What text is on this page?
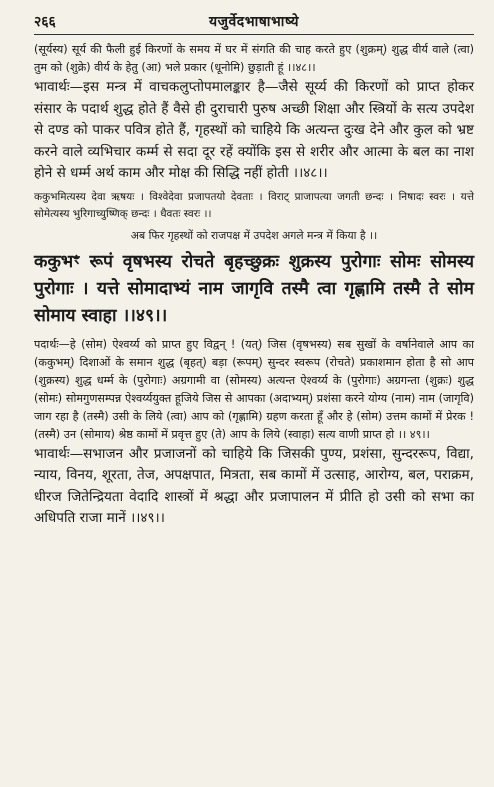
२६६	यजुर्वेदभाषाभाष्ये

(सूर्यस्य) सूर्य की फैली हुई किरणों के समय में घर में संगति की चाह करते हुए (शुक्रम्) शुद्ध वीर्य वाले (त्वा) तुम को (शुक्रे) वीर्य के हेतु (आ) भले प्रकार (धूनोमि) छुड़ाती हूं ।।४८।।

भावार्थः—इस मन्त्र में वाचकलुप्तोपमालङ्कार है—जैसे सूर्य्य की किरणों को प्राप्त होकर संसार के पदार्थ शुद्ध होते हैं वैसे ही दुराचारी पुरुष अच्छी शिक्षा और स्त्रियों के सत्य उपदेश से दण्ड को पाकर पवित्र होते हैं, गृहस्थों को चाहिये कि अत्यन्त दुःख देने और कुल को भ्रष्ट करने वाले व्यभिचार कर्म्म से सदा दूर रहें क्योंकि इस से शरीर और आत्मा के बल का नाश होने से धर्म्म अर्थ काम और मोक्ष की सिद्धि नहीं होती ।।४८।।

ककुभमित्यस्य देवा ऋषयः । विश्वेदेवा प्रजापतयो देवताः । विराट् प्राजापत्या जगती छन्दः । निषादः स्वरः । यत्ते सोमेत्यस्य भुरिगाच्युष्णिक् छन्दः । धैवतः स्वरः ।।

अब फिर गृहस्थों को राजपक्ष में उपदेश अगले मन्त्र में किया है ।।

ककुभꣳ रूपं वृषभस्य रोचते बृहच्छुक्रः शुक्रस्य पुरोगाः सोमः सोमस्य पुरोगाः । यत्ते सोमादाभ्यं नाम जागृवि तस्मै त्वा गृह्णामि तस्मै ते सोम सोमाय स्वाहा ।।४९।।

पदार्थः—हे (सोम) ऐश्वर्य्य को प्राप्त हुए विद्वन् ! (यत्) जिस (वृषभस्य) सब सुखों के वर्षानेवाले आप का (ककुभम्) दिशाओं के समान शुद्ध (बृहत्) बड़ा (रूपम्) सुन्दर स्वरूप (रोचते) प्रकाशमान होता है सो आप (शुक्रस्य) शुद्ध धर्म्म के (पुरोगाः) अग्रगामी वा (सोमस्य) अत्यन्त ऐश्वर्य्य के (पुरोगाः) अग्रगन्ता (शुक्रः) शुद्ध (सोमः) सोमगुणसम्पन्न ऐश्वर्य्ययुक्त हूजिये जिस से आपका (अदाभ्यम्) प्रशंसा करने योग्य (नाम) नाम (जागृवि) जाग रहा है (तस्मै) उसी के लिये (त्वा) आप को (गृह्णामि) ग्रहण करता हूँ और हे (सोम) उत्तम कामों में प्रेरक ! (तस्मै) उन (सोमाय) श्रेष्ठ कामों में प्रवृत्त हुए (ते) आप के लिये (स्वाहा) सत्य वाणी प्राप्त हो ।। ४९।।

भावार्थः—सभाजन और प्रजाजनों को चाहिये कि जिसकी पुण्य, प्रशंसा, सुन्दररूप, विद्या, न्याय, विनय, शूरता, तेज, अपक्षपात, मित्रता, सब कामों में उत्साह, आरोग्य, बल, पराक्रम, धीरज जितेन्द्रियता वेदादि शास्त्रों में श्रद्धा और प्रजापालन में प्रीति हो उसी को सभा का अधिपति राजा मानें ।।४९।।
